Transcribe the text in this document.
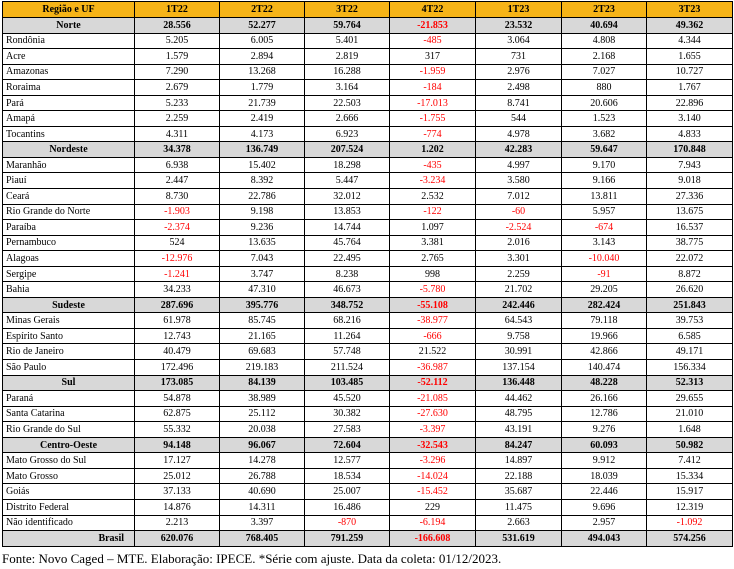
Região e UF	1T22	2T22	3T22	4T22	1T23	2T23	3T23
Norte	28.556	52.277	59.764	-21.853	23.532	40.694	49.362
Rondônia	5.205	6.005	5.401	-485	3.064	4.808	4.344
Acre	1.579	2.894	2.819	317	731	2.168	1.655
Amazonas	7.290	13.268	16.288	-1.959	2.976	7.027	10.727
Roraima	2.679	1.779	3.164	-184	2.498	880	1.767
Pará	5.233	21.739	22.503	-17.013	8.741	20.606	22.896
Amapá	2.259	2.419	2.666	-1.755	544	1.523	3.140
Tocantins	4.311	4.173	6.923	-774	4.978	3.682	4.833
Nordeste	34.378	136.749	207.524	1.202	42.283	59.647	170.848
Maranhão	6.938	15.402	18.298	-435	4.997	9.170	7.943
Piauí	2.447	8.392	5.447	-3.234	3.580	9.166	9.018
Ceará	8.730	22.786	32.012	2.532	7.012	13.811	27.336
Rio Grande do Norte	-1.903	9.198	13.853	-122	-60	5.957	13.675
Paraíba	-2.374	9.236	14.744	1.097	-2.524	-674	16.537
Pernambuco	524	13.635	45.764	3.381	2.016	3.143	38.775
Alagoas	-12.976	7.043	22.495	2.765	3.301	-10.040	22.072
Sergipe	-1.241	3.747	8.238	998	2.259	-91	8.872
Bahia	34.233	47.310	46.673	-5.780	21.702	29.205	26.620
Sudeste	287.696	395.776	348.752	-55.108	242.446	282.424	251.843
Minas Gerais	61.978	85.745	68.216	-38.977	64.543	79.118	39.753
Espírito Santo	12.743	21.165	11.264	-666	9.758	19.966	6.585
Rio de Janeiro	40.479	69.683	57.748	21.522	30.991	42.866	49.171
São Paulo	172.496	219.183	211.524	-36.987	137.154	140.474	156.334
Sul	173.085	84.139	103.485	-52.112	136.448	48.228	52.313
Paraná	54.878	38.989	45.520	-21.085	44.462	26.166	29.655
Santa Catarina	62.875	25.112	30.382	-27.630	48.795	12.786	21.010
Rio Grande do Sul	55.332	20.038	27.583	-3.397	43.191	9.276	1.648
Centro-Oeste	94.148	96.067	72.604	-32.543	84.247	60.093	50.982
Mato Grosso do Sul	17.127	14.278	12.577	-3.296	14.897	9.912	7.412
Mato Grosso	25.012	26.788	18.534	-14.024	22.188	18.039	15.334
Goiás	37.133	40.690	25.007	-15.452	35.687	22.446	15.917
Distrito Federal	14.876	14.311	16.486	229	11.475	9.696	12.319
Não identificado	2.213	3.397	-870	-6.194	2.663	2.957	-1.092
Brasil	620.076	768.405	791.259	-166.608	531.619	494.043	574.256
Fonte: Novo Caged – MTE. Elaboração: IPECE. *Série com ajuste. Data da coleta: 01/12/2023.
